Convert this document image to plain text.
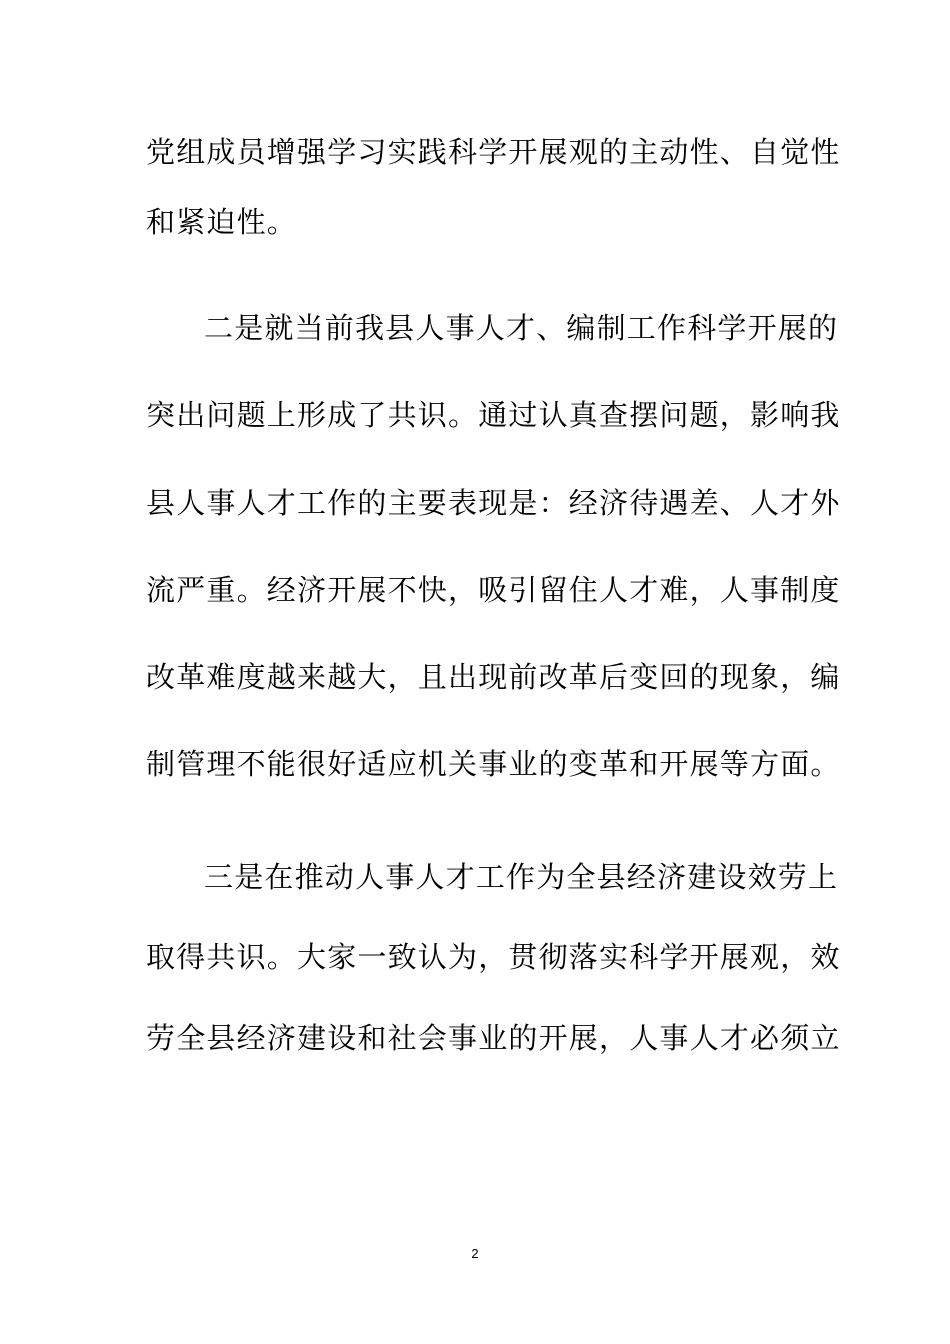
党组成员增强学习实践科学开展观的主动性、自觉性
和紧迫性。
二是就当前我县人事人才、编制工作科学开展的
突出问题上形成了共识。通过认真查摆问题，影响我
县人事人才工作的主要表现是：经济待遇差、人才外
流严重。经济开展不快，吸引留住人才难，人事制度
改革难度越来越大，且出现前改革后变回的现象，编
制管理不能很好适应机关事业的变革和开展等方面。
三是在推动人事人才工作为全县经济建设效劳上
取得共识。大家一致认为，贯彻落实科学开展观，效
劳全县经济建设和社会事业的开展，人事人才必须立
2
